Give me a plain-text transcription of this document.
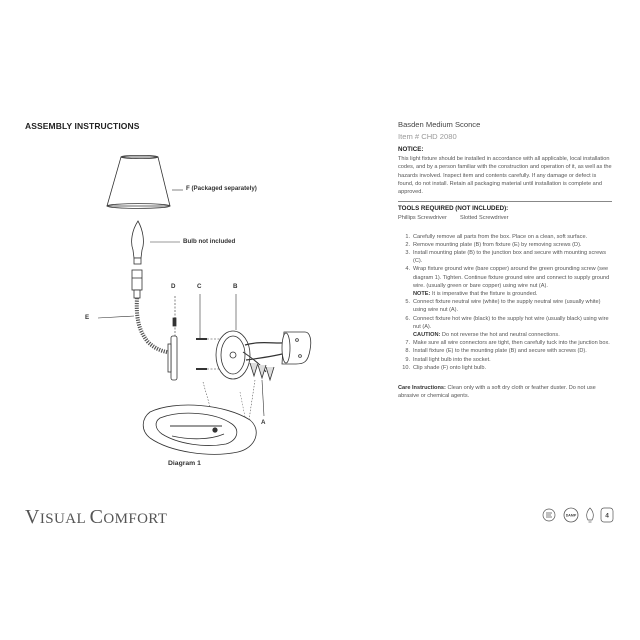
ASSEMBLY INSTRUCTIONS
F (Packaged separately)
Bulb not included
D	C	B
E
A
Diagram 1
VISUAL COMFORT
Basden Medium Sconce
Item # CHD 2080
NOTICE:
This light fixture should be installed in accordance with all applicable, local installation codes, and by a person familiar with the construction and operation of it, as well as the hazards involved. Inspect item and contents carefully. If any damage or defect is found, do not install. Retain all packaging material until installation is complete and approved.
TOOLS REQUIRED (NOT INCLUDED):
Phillips Screwdriver	Slotted Screwdriver
1. Carefully remove all parts from the box. Place on a clean, soft surface.
2. Remove mounting plate (B) from fixture (E) by removing screws (D).
3. Install mounting plate (B) to the junction box and secure with mounting screws (C).
4. Wrap fixture ground wire (bare copper) around the green grounding screw (see diagram 1). Tighten. Continue fixture ground wire and connect to supply ground wire. (usually green or bare copper) using wire nut (A).
NOTE: It is imperative that the fixture is grounded.
5. Connect fixture neutral wire (white) to the supply neutral wire (usually white) using wire nut (A).
6. Connect fixture hot wire (black) to the supply hot wire (usually black) using wire nut (A).
CAUTION: Do not reverse the hot and neutral connections.
7. Make sure all wire connectors are tight, then carefully tuck into the junction box.
8. Install fixture (E) to the mounting plate (B) and secure with screws (D).
9. Install light bulb into the socket.
10. Clip shade (F) onto light bulb.
Care Instructions: Clean only with a soft dry cloth or feather duster. Do not use abrasive or chemical agents.
DAMP	4
